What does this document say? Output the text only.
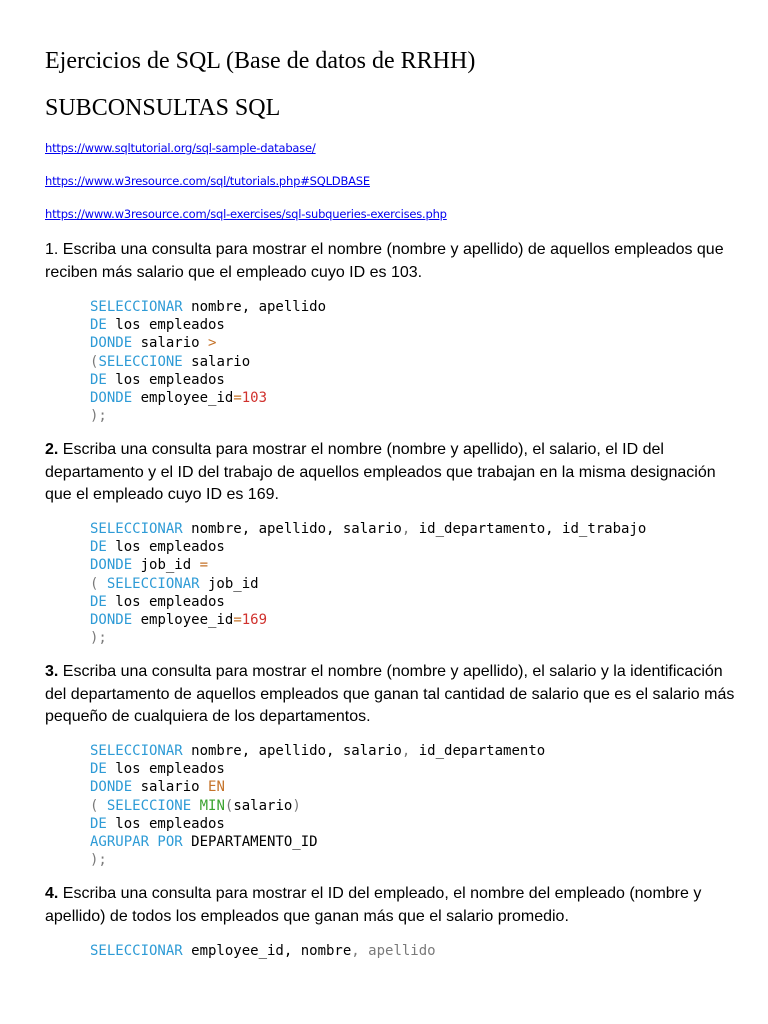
Ejercicios de SQL (Base de datos de RRHH)
SUBCONSULTAS SQL
https://www.sqltutorial.org/sql-sample-database/
https://www.w3resource.com/sql/tutorials.php#SQLDBASE
https://www.w3resource.com/sql-exercises/sql-subqueries-exercises.php
1. Escriba una consulta para mostrar el nombre (nombre y apellido) de aquellos empleados que reciben más salario que el empleado cuyo ID es 103.
SELECCIONAR nombre, apellido
DE los empleados
DONDE salario >
(SELECCIONE salario
DE los empleados
DONDE employee_id=103
);
2. Escriba una consulta para mostrar el nombre (nombre y apellido), el salario, el ID del departamento y el ID del trabajo de aquellos empleados que trabajan en la misma designación que el empleado cuyo ID es 169.
SELECCIONAR nombre, apellido, salario, id_departamento, id_trabajo
DE los empleados
DONDE job_id =
( SELECCIONAR job_id
DE los empleados
DONDE employee_id=169
);
3. Escriba una consulta para mostrar el nombre (nombre y apellido), el salario y la identificación del departamento de aquellos empleados que ganan tal cantidad de salario que es el salario más pequeño de cualquiera de los departamentos.
SELECCIONAR nombre, apellido, salario, id_departamento
DE los empleados
DONDE salario EN
( SELECCIONE MIN(salario)
DE los empleados
AGRUPAR POR DEPARTAMENTO_ID
);
4. Escriba una consulta para mostrar el ID del empleado, el nombre del empleado (nombre y apellido) de todos los empleados que ganan más que el salario promedio.
SELECCIONAR employee_id, nombre, apellido
